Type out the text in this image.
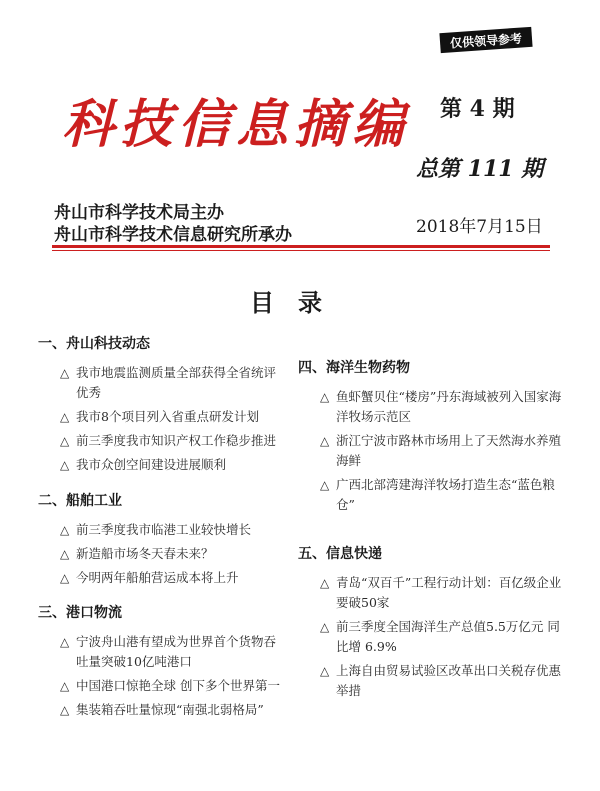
仅供领导参考
科技信息摘编 第 4 期
总第 111 期
舟山市科学技术局主办
舟山市科学技术信息研究所承办	2018年7月15日
目录
一、舟山科技动态
△ 我市地震监测质量全部获得全省统评优秀
△ 我市8个项目列入省重点研发计划
△ 前三季度我市知识产权工作稳步推进
△ 我市众创空间建设进展顺利
二、船舶工业
△ 前三季度我市临港工业较快增长
△ 新造船市场冬天春未来？
△ 今明两年船舶营运成本将上升
三、港口物流
△ 宁波舟山港有望成为世界首个货物吞吐量突破10亿吨港口
△ 中国港口惊艳全球 创下多个世界第一
△ 集装箱吞吐量惊现“南强北弱格局”
四、海洋生物药物
△ 鱼虾蟹贝住“楼房”丹东海域被列入国家海洋牧场示范区
△ 浙江宁波市路林市场用上了天然海水养殖海鲜
△ 广西北部湾建海洋牧场打造生态“蓝色粮仓”
五、信息快递
△ 青岛“双百千”工程行动计划：百亿级企业要破50家
△ 前三季度全国海洋生产总值5.5万亿元 同比增 6.9%
△ 上海自由贸易试验区改革出口关税存优惠举措
